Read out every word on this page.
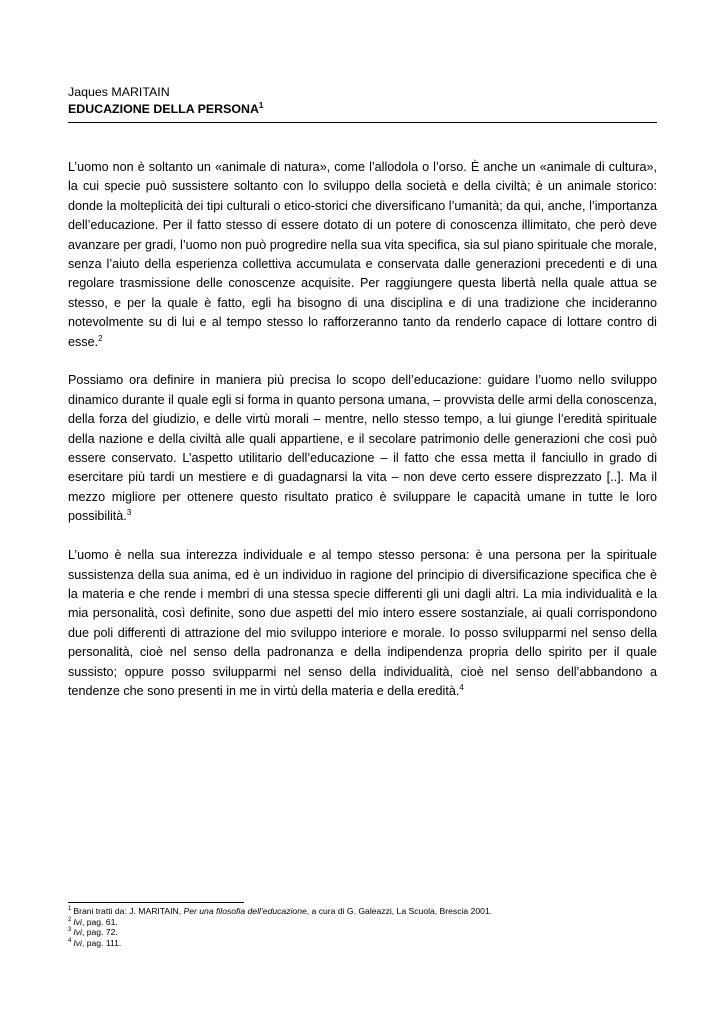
Jaques MARITAIN
EDUCAZIONE DELLA PERSONA$^1$

L’uomo non è soltanto un «animale di natura», come l’allodola o l’orso. È anche un «animale di cultura», la cui specie può sussistere soltanto con lo sviluppo della società e della civiltà; è un animale storico: donde la molteplicità dei tipi culturali o etico-storici che diversificano l’umanità; da qui, anche, l’importanza dell’educazione. Per il fatto stesso di essere dotato di un potere di conoscenza illimitato, che però deve avanzare per gradi, l’uomo non può progredire nella sua vita specifica, sia sul piano spirituale che morale, senza l’aiuto della esperienza collettiva accumulata e conservata dalle generazioni precedenti e di una regolare trasmissione delle conoscenze acquisite. Per raggiungere questa libertà nella quale attua se stesso, e per la quale è fatto, egli ha bisogno di una disciplina e di una tradizione che incideranno notevolmente su di lui e al tempo stesso lo rafforzeranno tanto da renderlo capace di lottare contro di esse.$^2$

Possiamo ora definire in maniera più precisa lo scopo dell’educazione: guidare l’uomo nello sviluppo dinamico durante il quale egli si forma in quanto persona umana, – provvista delle armi della conoscenza, della forza del giudizio, e delle virtù morali – mentre, nello stesso tempo, a lui giunge l’eredità spirituale della nazione e della civiltà alle quali appartiene, e il secolare patrimonio delle generazioni che così può essere conservato. L’aspetto utilitario dell’educazione – il fatto che essa metta il fanciullo in grado di esercitare più tardi un mestiere e di guadagnarsi la vita – non deve certo essere disprezzato [..]. Ma il mezzo migliore per ottenere questo risultato pratico è sviluppare le capacità umane in tutte le loro possibilità.$^3$

L’uomo è nella sua interezza individuale e al tempo stesso persona: è una persona per la spirituale sussistenza della sua anima, ed è un individuo in ragione del principio di diversificazione specifica che è la materia e che rende i membri di una stessa specie differenti gli uni dagli altri. La mia individualità e la mia personalità, così definite, sono due aspetti del mio intero essere sostanziale, ai quali corrispondono due poli differenti di attrazione del mio sviluppo interiore e morale. Io posso svilupparmi nel senso della personalità, cioè nel senso della padronanza e della indipendenza propria dello spirito per il quale sussisto; oppure posso svilupparmi nel senso della individualità, cioè nel senso dell’abbandono a tendenze che sono presenti in me in virtù della materia e della eredità.$^4$

$^1$ Brani tratti da: J. MARITAIN, Per una filosofia dell’educazione, a cura di G. Galeazzi, La Scuola, Brescia 2001.
$^2$ Ivi, pag. 61.
$^3$ Ivi, pag. 72.
$^4$ Ivi, pag. 111.
